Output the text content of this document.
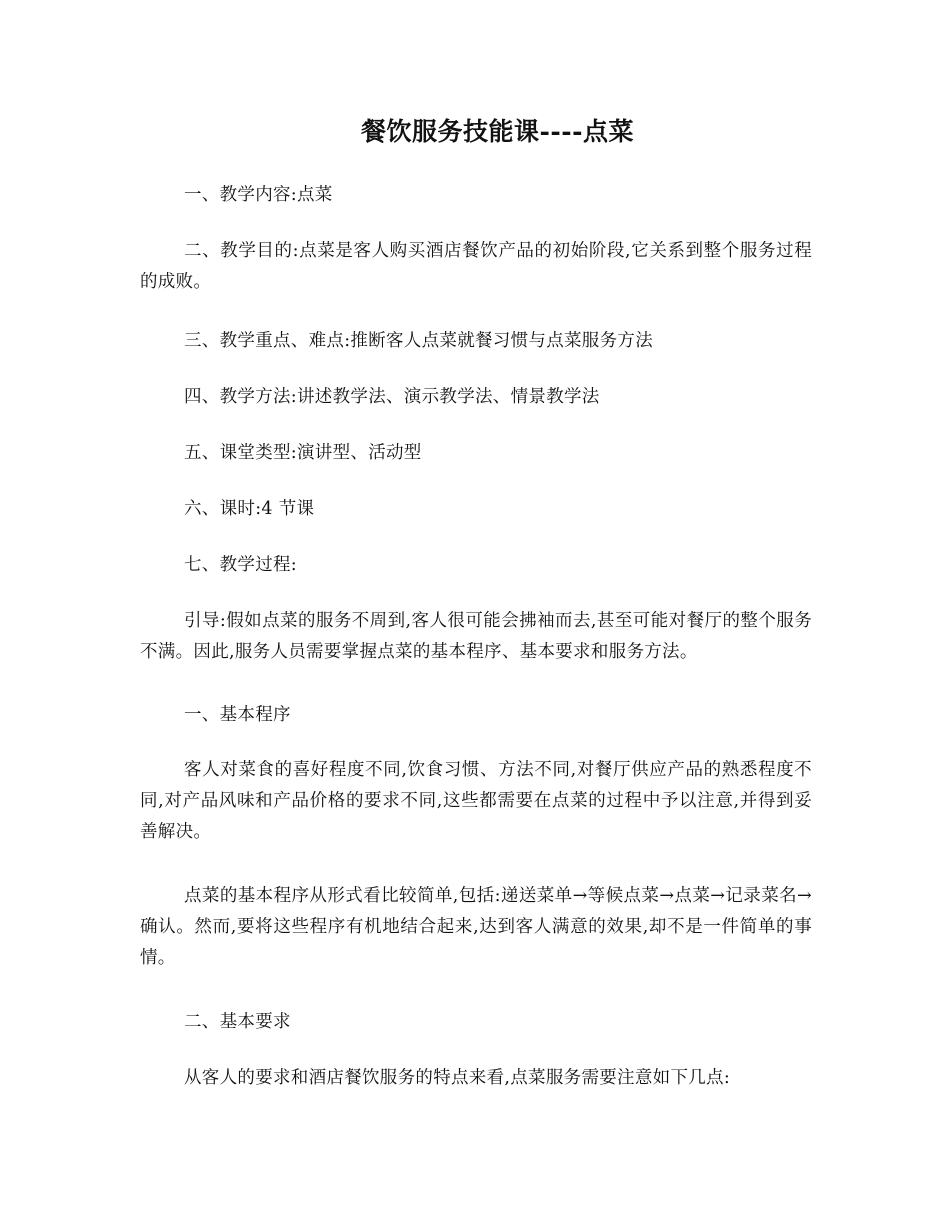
餐饮服务技能课----点菜

一、教学内容:点菜

二、教学目的:点菜是客人购买酒店餐饮产品的初始阶段,它关系到整个服务过程的成败。

三、教学重点、难点:推断客人点菜就餐习惯与点菜服务方法

四、教学方法:讲述教学法、演示教学法、情景教学法

五、课堂类型:演讲型、活动型

六、课时:4 节课

七、教学过程:

引导:假如点菜的服务不周到,客人很可能会拂袖而去,甚至可能对餐厅的整个服务不满。因此,服务人员需要掌握点菜的基本程序、基本要求和服务方法。

一、基本程序

客人对菜食的喜好程度不同,饮食习惯、方法不同,对餐厅供应产品的熟悉程度不同,对产品风味和产品价格的要求不同,这些都需要在点菜的过程中予以注意,并得到妥善解决。

点菜的基本程序从形式看比较简单,包括:递送菜单→等候点菜→点菜→记录菜名→确认。然而,要将这些程序有机地结合起来,达到客人满意的效果,却不是一件简单的事情。

二、基本要求

从客人的要求和酒店餐饮服务的特点来看,点菜服务需要注意如下几点:
